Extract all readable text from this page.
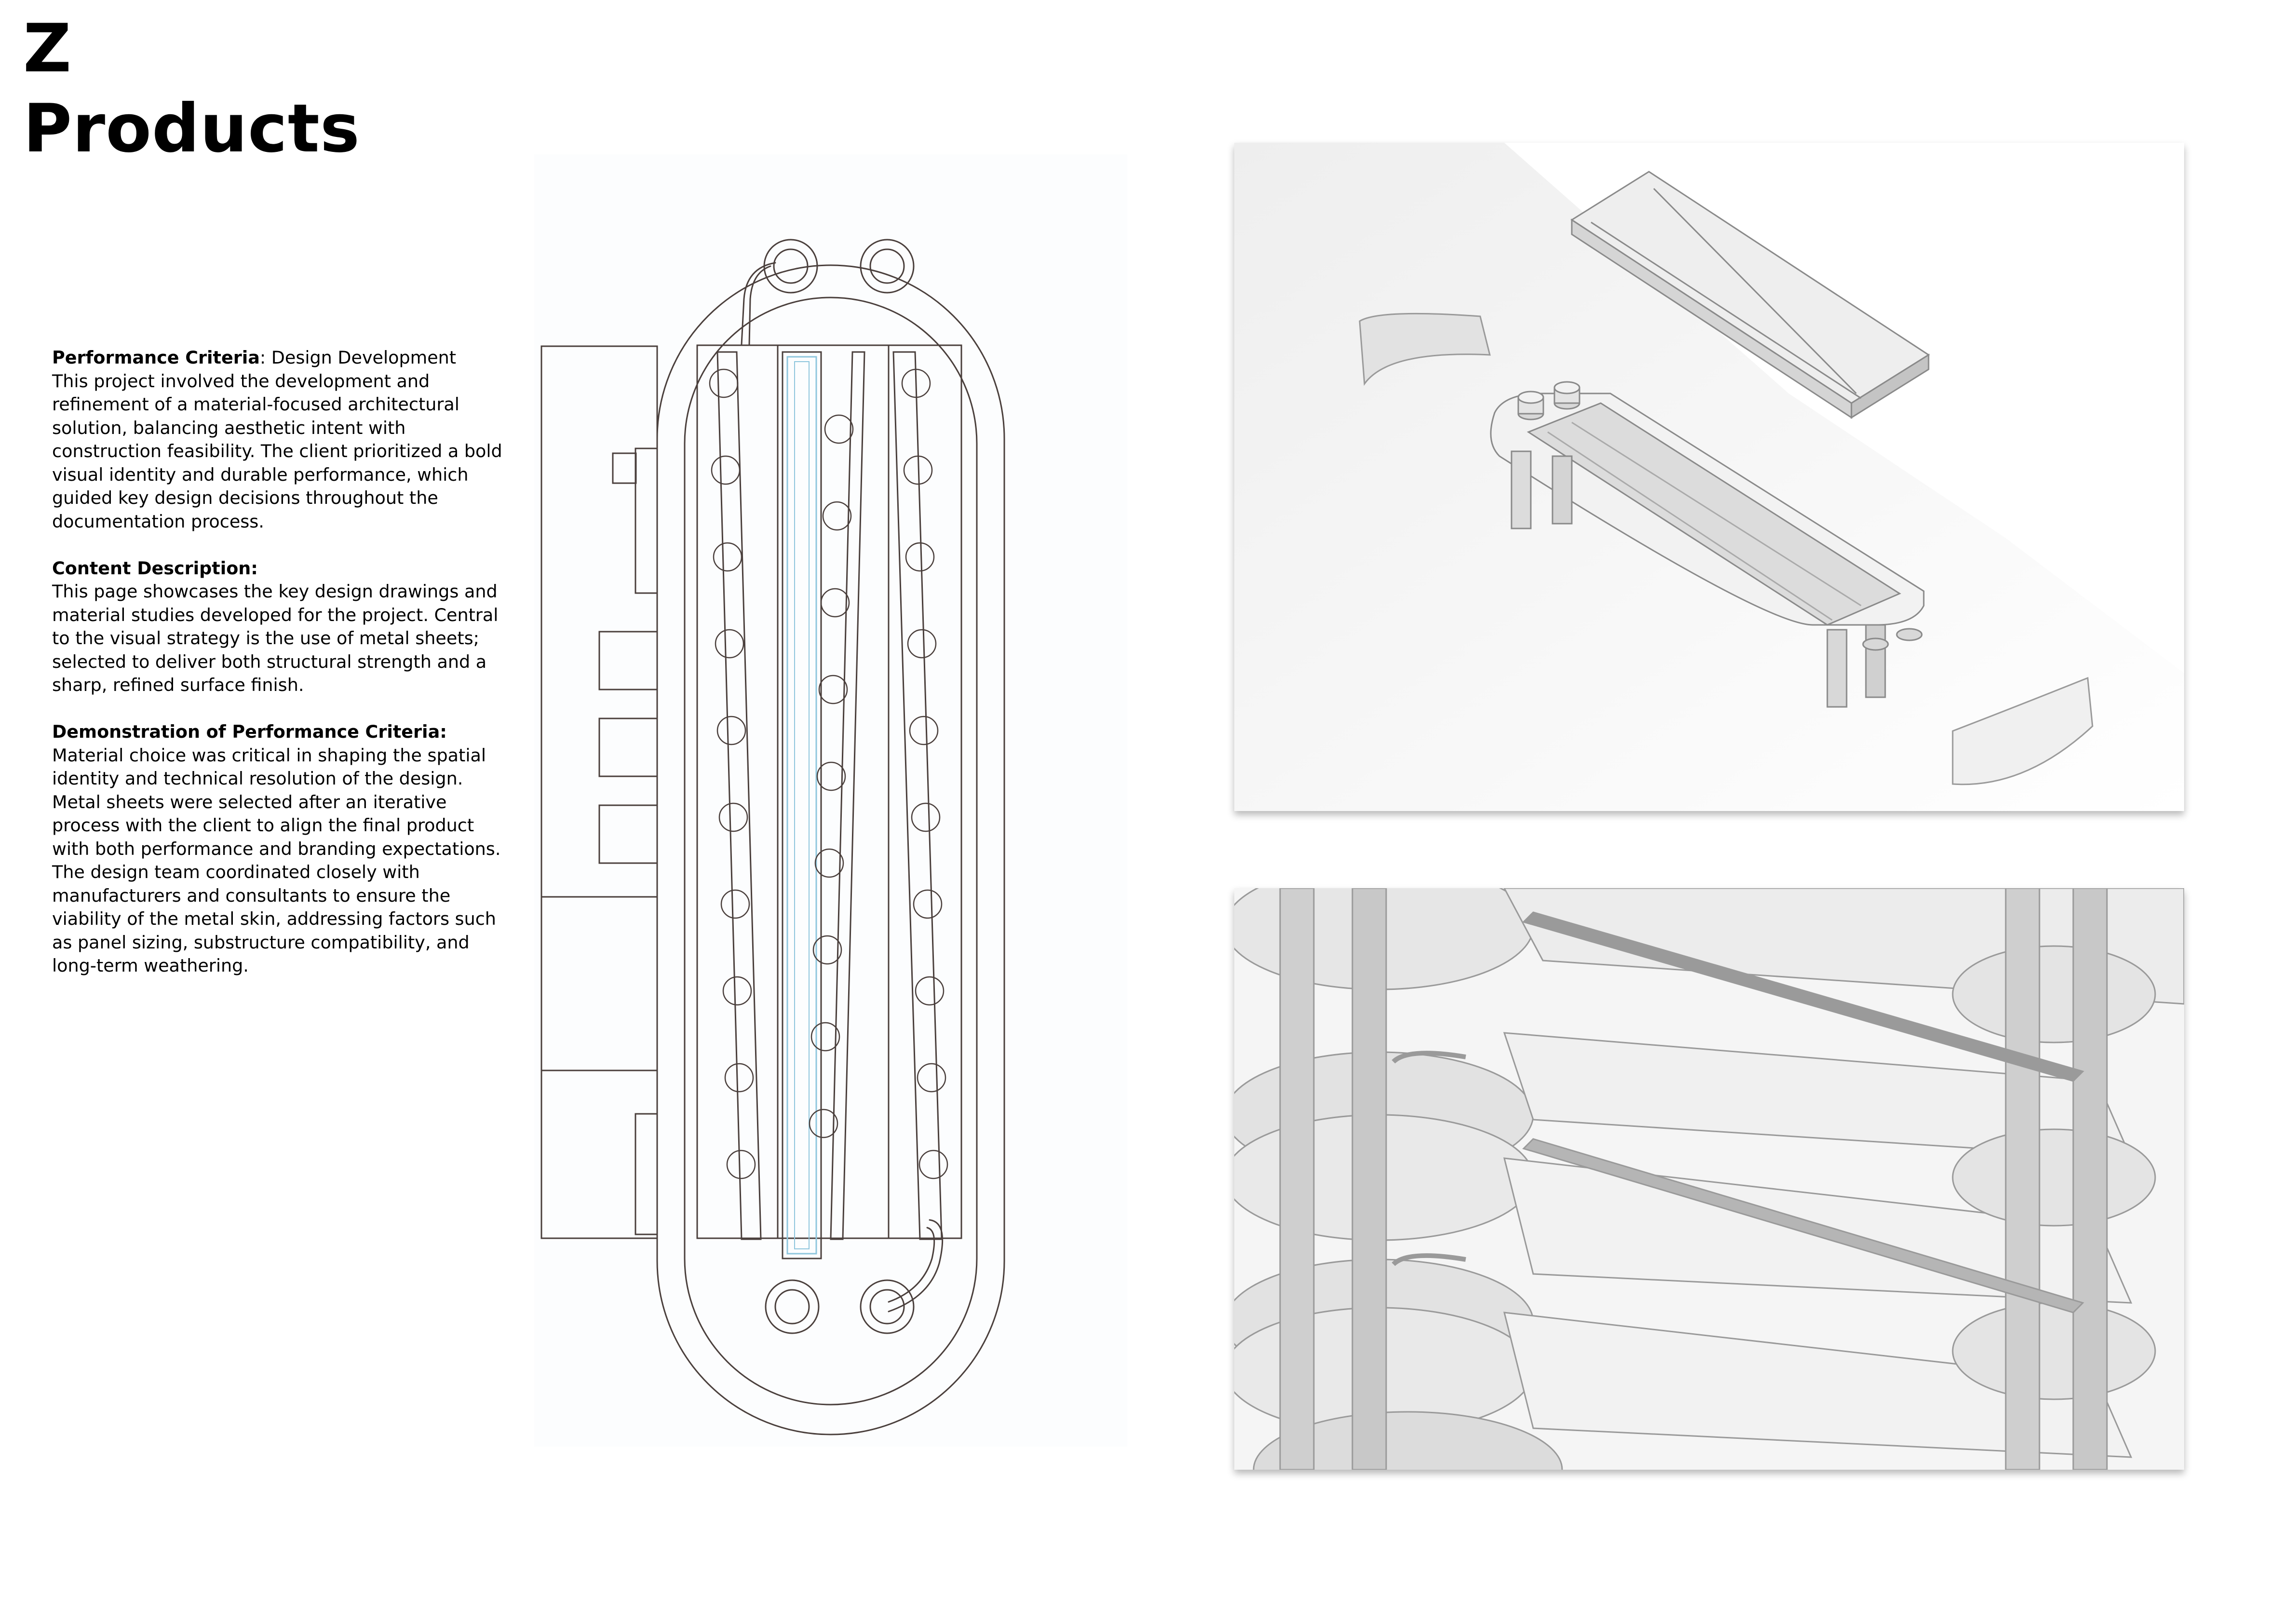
Z
Products

Performance Criteria: Design Development

This project involved the development and

refinement of a material-focused architectural

solution, balancing aesthetic intent with

construction feasibility. The client prioritized a bold

visual identity and durable performance, which

guided key design decisions throughout the

documentation process.

Content Description:

This page showcases the key design drawings and

material studies developed for the project. Central

to the visual strategy is the use of metal sheets;

selected to deliver both structural strength and a

sharp, refined surface finish.

Demonstration of Performance Criteria:

Material choice was critical in shaping the spatial

identity and technical resolution of the design.

Metal sheets were selected after an iterative

process with the client to align the final product

with both performance and branding expectations.

The design team coordinated closely with

manufacturers and consultants to ensure the

viability of the metal skin, addressing factors such

as panel sizing, substructure compatibility, and

long-term weathering.
